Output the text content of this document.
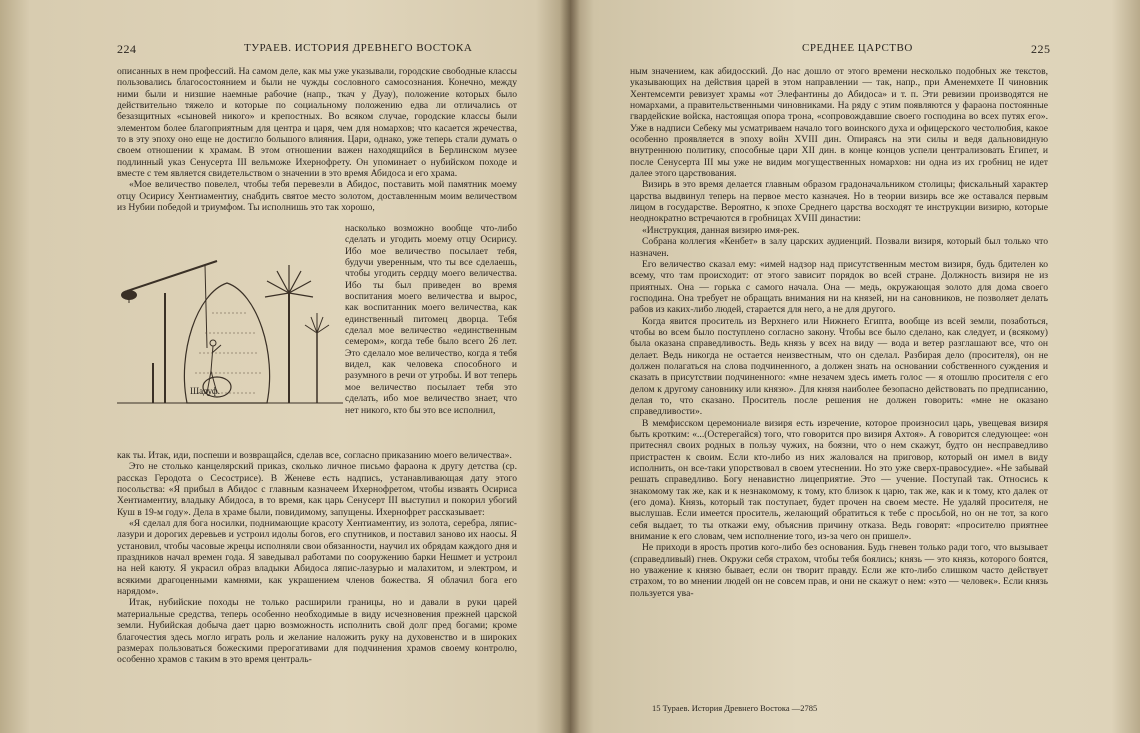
224	ТУРАЕВ. ИСТОРИЯ ДРЕВНЕГО ВОСТОКА

описанных в нем профессий. На самом деле, как мы уже указывали, городские свободные классы пользовались благосостоянием и были не чужды сословного самосознания. Конечно, между ними были и низшие наемные рабочие (напр., ткач у Дуау), положение которых было действительно тяжело и которые по социальному положению едва ли отличались от безазщитных «сыновей никого» и крепостных. Во всяком случае, городские классы были элементом более благоприятным для центра и царя, чем для номархов; что касается жречества, то в эту эпоху оно еще не достигло большого влияния. Цари, однако, уже теперь стали думать о своем отношении к храмам. В этом отношении важен находящийся в Берлинском музее подлинный указ Сенусерта III вельможе Ихернофрету. Он упоминает о нубийском походе и вместе с тем является свидетельством о значении в это время Абидоса и его храма.

«Мое величество повелел, чтобы тебя перевезли в Абидос, поставить мой памятник моему отцу Осирису Хентиаментиу, снабдить святое место золотом, доставленным моим величеством из Нубии победой и триумфом. Ты исполнишь это так хорошо,

Шадуф.

насколько возможно вообще что-либо сделать и угодить моему отцу Осирису. Ибо мое величество посылает тебя, будучи уверенным, что ты все сделаешь, чтобы угодить сердцу моего величества. Ибо ты был приведен во время воспитания моего величества и вырос, как воспитанник моего величества, как единственный питомец дворца. Тебя сделал мое величество «единственным семером», когда тебе было всего 26 лет. Это сделало мое величество, когда я тебя видел, как человека способного и разумного в речи от утробы. И вот теперь мое величество посылает тебя это сделать, ибо мое величество знает, что нет никого, кто бы это все исполнил,

как ты. Итак, иди, поспеши и возвращайся, сделав все, согласно приказанию моего величества».

Это не столько канцелярский приказ, сколько личное письмо фараона к другу детства (ср. рассказ Геродота о Сесострисе). В Женеве есть надпись, устанавливающая дату этого посольства: «Я прибыл в Абидос с главным казначеем Ихернофретом, чтобы изваять Осириса Хентиаментиу, владыку Абидоса, в то время, как царь Сенусерт III выступил и покорил убогий Куш в 19-м году». Дела в храме были, повидимому, запущены. Ихернофрет рассказывает:

«Я сделал для бога носилки, поднимающие красоту Хентиаментиу, из золота, серебра, ляпис-лазури и дорогих деревьев и устроил идолы богов, его спутников, и поставил заново их наосы. Я установил, чтобы часовые жрецы исполняли свои обязанности, научил их обрядам каждого дня и праздников начал времен года. Я заведывал работами по сооружению барки Нешмет и устроил на ней каюту. Я украсил образ владыки Абидоса ляпис-лазурью и малахитом, и электром, и всякими драгоценными камнями, как украшением членов божества. Я облачил бога его нарядом».

Итак, нубийские походы не только расширили границы, но и давали в руки царей материальные средства, теперь особенно необходимые в виду исчезновения прежней царской земли. Нубийская добыча дает царю возможность исполнить свой долг пред богами; кроме благочестия здесь могло играть роль и желание наложить руку на духовенство и в широких размерах пользоваться божескими прерогативами для подчинения храмов своему контролю, особенно храмов с таким в это время централь-

СРЕДНЕЕ ЦАРСТВО	225

ным значением, как абидосский. До нас дошло от этого времени несколько подобных же текстов, указывающих на действия царей в этом направлении — так, напр., при Аменемхете II чиновник Хентемсемти ревизует храмы «от Элефантины до Абидоса» и т. п. Эти ревизии производятся не номархами, а правительственными чиновниками. На ряду с этим появляются у фараона постоянные гвардейские войска, настоящая опора трона, «сопровождавшие своего господина во всех путях его». Уже в надписи Себеку мы усматриваем начало того воинского духа и офицерского честолюбия, какое особенно проявляется в эпоху войн XVIII дин. Опираясь на эти силы и ведя дальновидную внутреннюю политику, способные цари XII дин. в конце концов успели централизовать Египет, и после Сенусерта III мы уже не видим могущественных номархов: ни одна из их гробниц не идет далее этого царствования.

Визирь в это время делается главным образом градоначальником столицы; фискальный характер царства выдвинул теперь на первое место казначея. Но в теории визирь все же оставался первым лицом в государстве. Вероятно, к эпохе Среднего царства восходят те инструкции визирю, которые неоднократно встречаются в гробницах XVIII династии:

«Инструкция, данная визирю имя-рек.

Собрана коллегия «Кенбет» в залу царских аудиенций. Позвали визиря, который был только что назначен.

Его величество сказал ему: «имей надзор над присутственным местом визиря, будь бдителен ко всему, что там происходит: от этого зависит порядок во всей стране. Должность визиря не из приятных. Она — горька с самого начала. Она — медь, окружающая золото для дома своего господина. Она требует не обращать внимания ни на князей, ни на сановников, не позволяет делать рабов из каких-либо людей, старается для него, а не для другого.

Когда явится проситель из Верхнего или Нижнего Египта, вообще из всей земли, позаботься, чтобы во всем было поступлено согласно закону. Чтобы все было сделано, как следует, и (всякому) была оказана справедливость. Ведь князь у всех на виду — вода и ветер разглашают все, что он делает. Ведь никогда не остается неизвестным, что он сделал. Разбирая дело (просителя), он не должен полагаться на слова подчиненного, а должен знать на основании собственного суждения и сказать в присутствии подчиненного: «мне незачем здесь иметь голос — я отошлю просителя с его делом к другому сановнику или князю». Для князя наиболее безопасно действовать по предписанию, делая то, что сказано. Проситель после решения не должен говорить: «мне не оказано справедливости».

В мемфисском церемониале визиря есть изречение, которое произносил царь, увещевая визиря быть кротким: «...(Остерегайся) того, что говорится про визиря Ахтоя». А говорится следующее: «он притеснял своих родных в пользу чужих, на боязни, что о нем скажут, будто он несправедливо пристрастен к своим. Если кто-либо из них жаловался на приговор, который он имел в виду исполнить, он все-таки упорствовал в своем утеснении. Но это уже сверх-правосудие». «Не забывай решать справедливо. Богу ненавистно лицеприятие. Это — учение. Поступай так. Относись к знакомому так же, как и к незнакомому, к тому, кто близок к царю, так же, как и к тому, кто далек от (его дома). Князь, который так поступает, будет прочен на своем месте. Не удаляй просителя, не выслушав. Если имеется проситель, желающий обратиться к тебе с просьбой, но он не тот, за кого себя выдает, то ты откажи ему, объяснив причину отказа. Ведь говорят: «просителю приятнее внимание к его словам, чем исполнение того, из-за чего он пришел».

Не приходи в ярость против кого-либо без основания. Будь гневен только ради того, что вызывает (справедливый) гнев. Окружи себя страхом, чтобы тебя боялись; князь — это князь, которого боятся, но уважение к князю бывает, если он творит правду. Если же кто-либо слишком часто действует страхом, то во мнении людей он не совсем прав, и они не скажут о нем: «это — человек». Если князь пользуется ува-

15 Тураев. История Древнего Востока —2785
